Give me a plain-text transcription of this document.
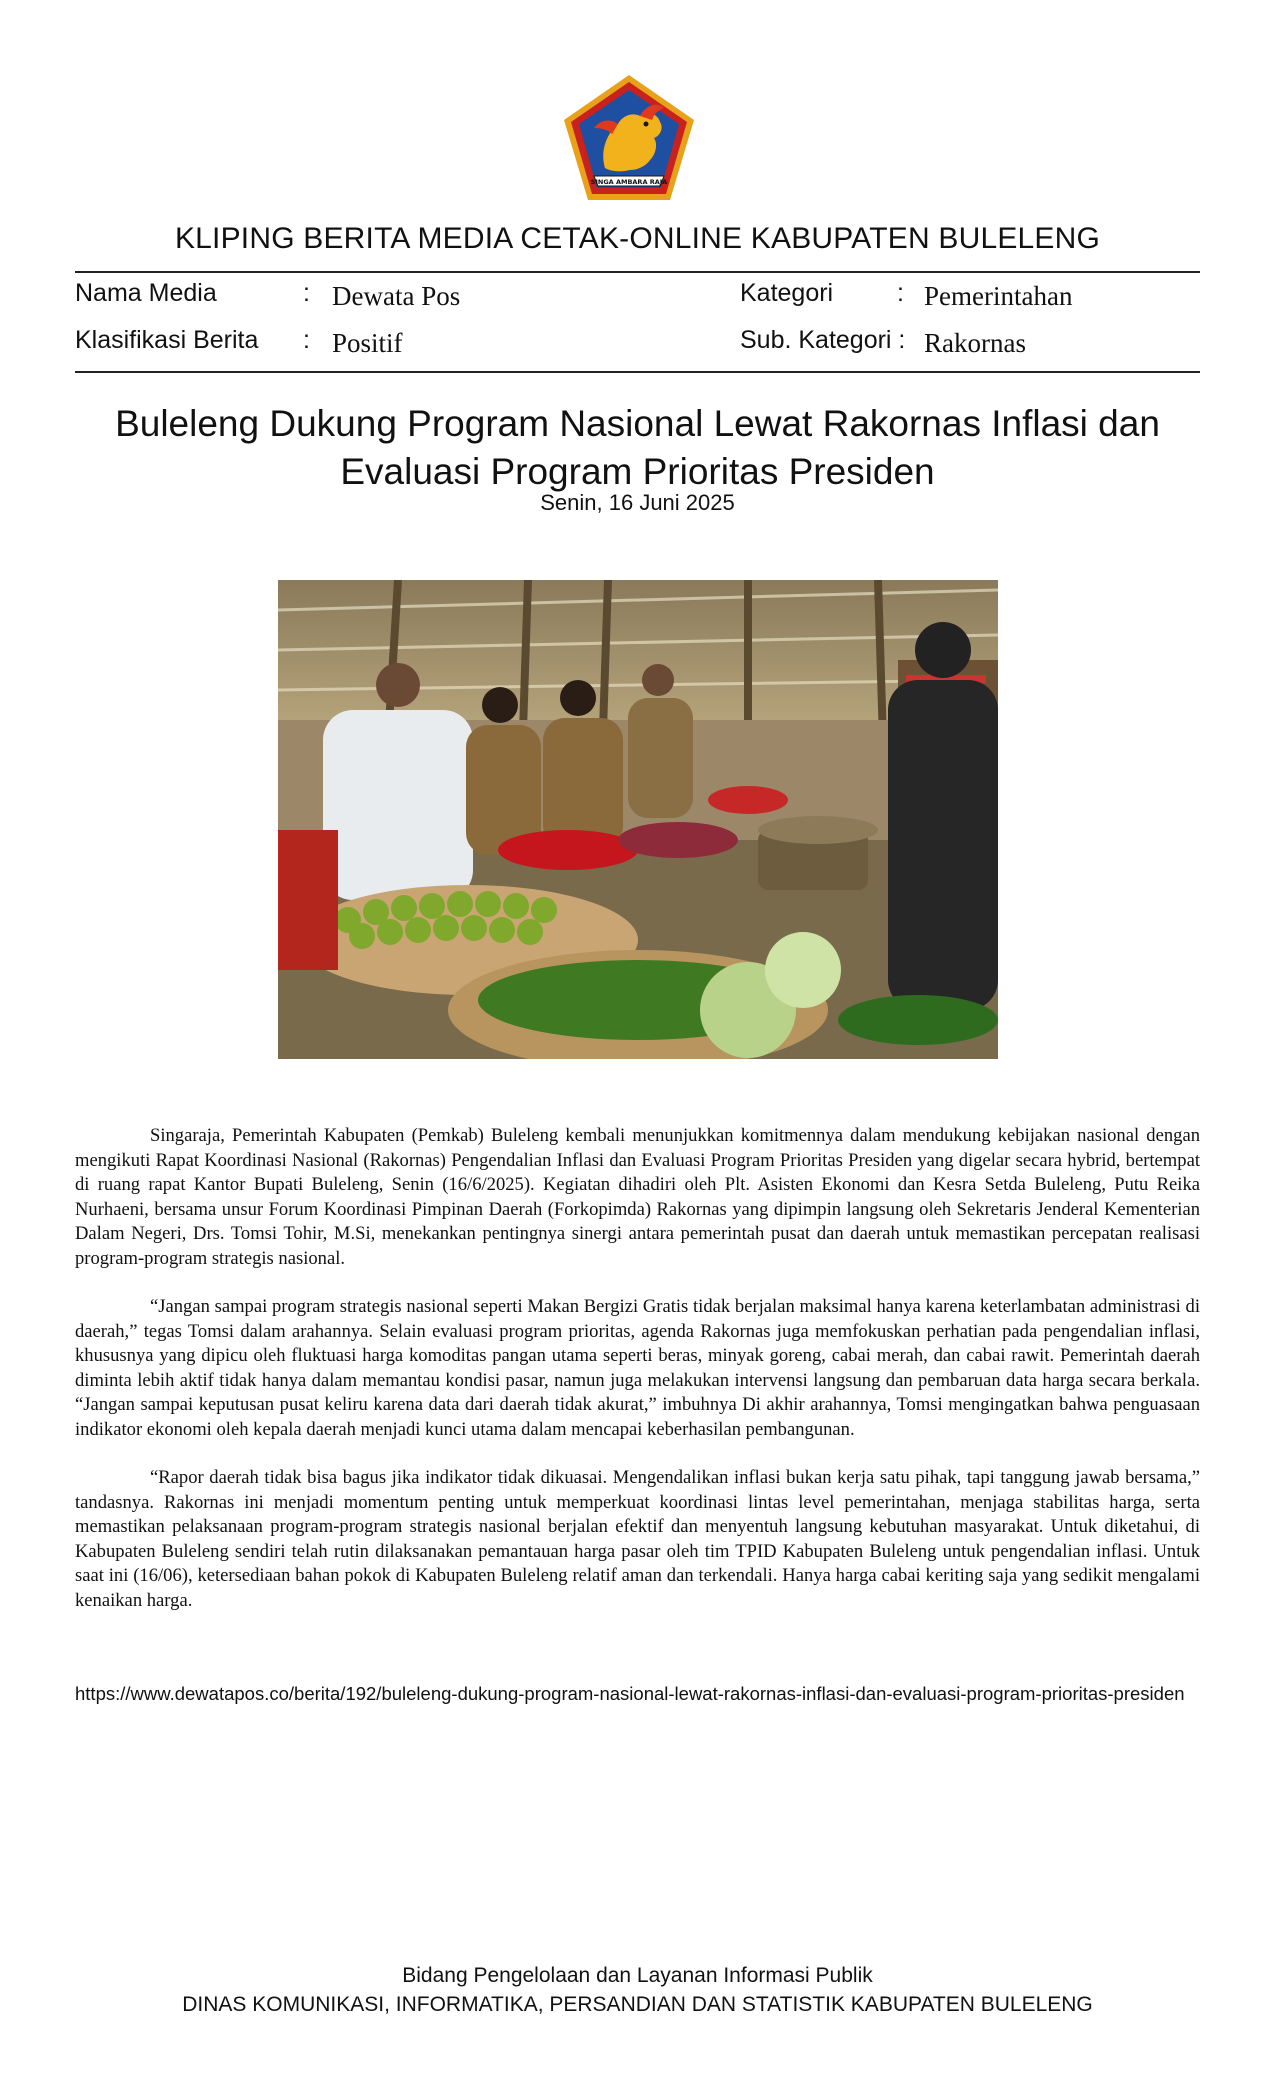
SINGA AMBARA RAJA
KLIPING BERITA MEDIA CETAK-ONLINE KABUPATEN BULELENG
Nama Media	: Dewata Pos	Kategori	: Pemerintahan
Klasifikasi Berita : Positif	Sub. Kategori : Rakornas
Buleleng Dukung Program Nasional Lewat Rakornas Inflasi dan Evaluasi Program Prioritas Presiden
Senin, 16 Juni 2025

Singaraja, Pemerintah Kabupaten (Pemkab) Buleleng kembali menunjukkan komitmennya dalam mendukung kebijakan nasional dengan mengikuti Rapat Koordinasi Nasional (Rakornas) Pengendalian Inflasi dan Evaluasi Program Prioritas Presiden yang digelar secara hybrid, bertempat di ruang rapat Kantor Bupati Buleleng, Senin (16/6/2025). Kegiatan dihadiri oleh Plt. Asisten Ekonomi dan Kesra Setda Buleleng, Putu Reika Nurhaeni, bersama unsur Forum Koordinasi Pimpinan Daerah (Forkopimda) Rakornas yang dipimpin langsung oleh Sekretaris Jenderal Kementerian Dalam Negeri, Drs. Tomsi Tohir, M.Si, menekankan pentingnya sinergi antara pemerintah pusat dan daerah untuk memastikan percepatan realisasi program-program strategis nasional.

“Jangan sampai program strategis nasional seperti Makan Bergizi Gratis tidak berjalan maksimal hanya karena keterlambatan administrasi di daerah,” tegas Tomsi dalam arahannya. Selain evaluasi program prioritas, agenda Rakornas juga memfokuskan perhatian pada pengendalian inflasi, khususnya yang dipicu oleh fluktuasi harga komoditas pangan utama seperti beras, minyak goreng, cabai merah, dan cabai rawit. Pemerintah daerah diminta lebih aktif tidak hanya dalam memantau kondisi pasar, namun juga melakukan intervensi langsung dan pembaruan data harga secara berkala. “Jangan sampai keputusan pusat keliru karena data dari daerah tidak akurat,” imbuhnya Di akhir arahannya, Tomsi mengingatkan bahwa penguasaan indikator ekonomi oleh kepala daerah menjadi kunci utama dalam mencapai keberhasilan pembangunan.

“Rapor daerah tidak bisa bagus jika indikator tidak dikuasai. Mengendalikan inflasi bukan kerja satu pihak, tapi tanggung jawab bersama,” tandasnya. Rakornas ini menjadi momentum penting untuk memperkuat koordinasi lintas level pemerintahan, menjaga stabilitas harga, serta memastikan pelaksanaan program-program strategis nasional berjalan efektif dan menyentuh langsung kebutuhan masyarakat. Untuk diketahui, di Kabupaten Buleleng sendiri telah rutin dilaksanakan pemantauan harga pasar oleh tim TPID Kabupaten Buleleng untuk pengendalian inflasi. Untuk saat ini (16/06), ketersediaan bahan pokok di Kabupaten Buleleng relatif aman dan terkendali. Hanya harga cabai keriting saja yang sedikit mengalami kenaikan harga.

https://www.dewatapos.co/berita/192/buleleng-dukung-program-nasional-lewat-rakornas-inflasi-dan-evaluasi-program-prioritas-presiden
Bidang Pengelolaan dan Layanan Informasi Publik
DINAS KOMUNIKASI, INFORMATIKA, PERSANDIAN DAN STATISTIK KABUPATEN BULELENG
